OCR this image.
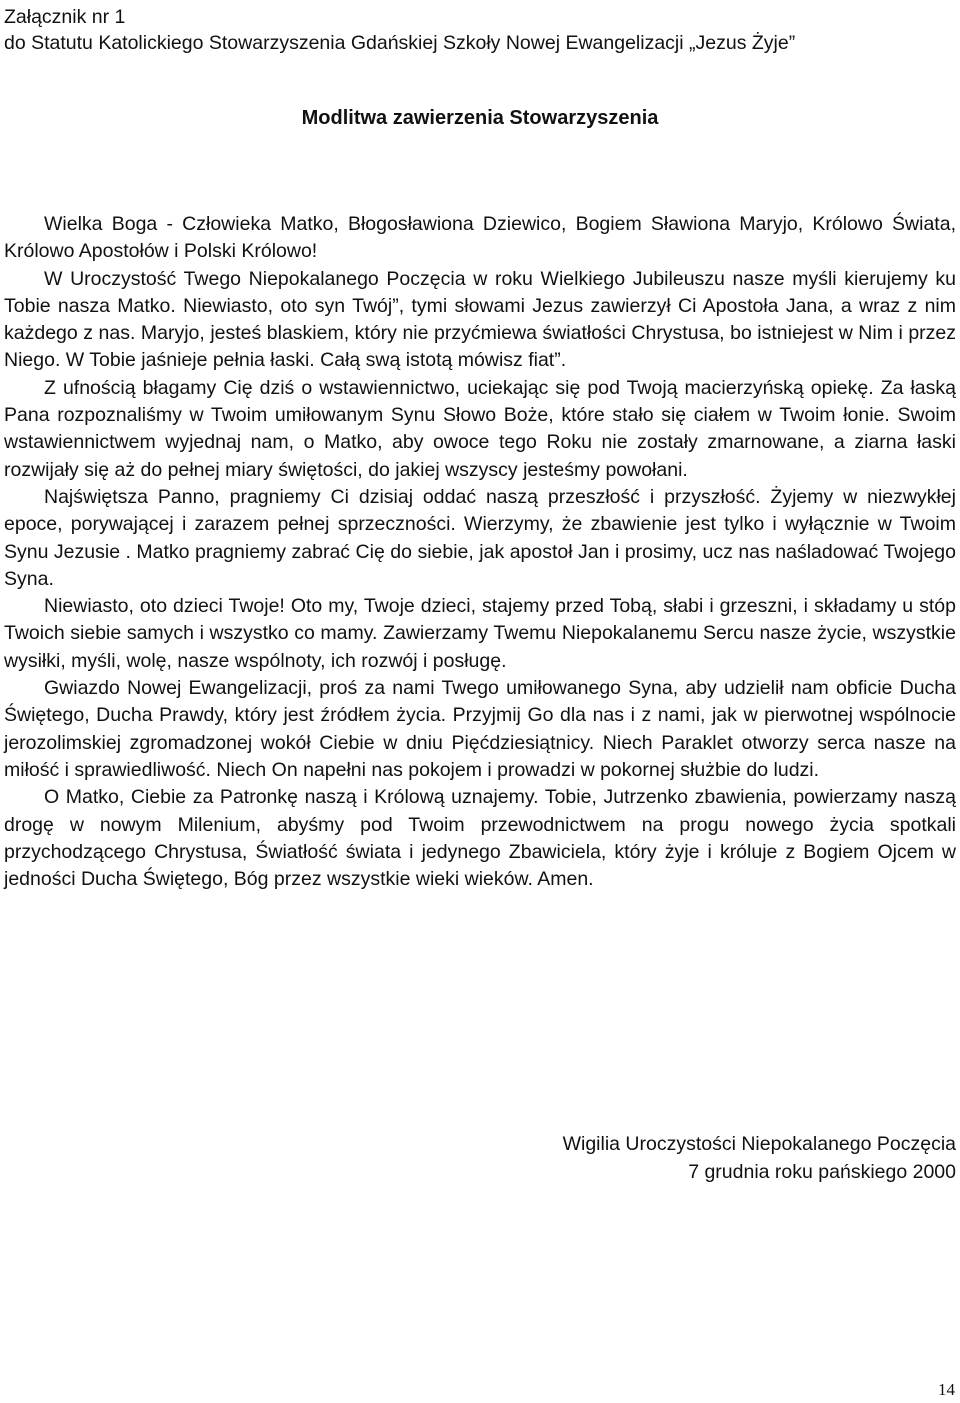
Załącznik nr 1
do Statutu Katolickiego Stowarzyszenia Gdańskiej Szkoły Nowej Ewangelizacji „Jezus Żyje”
Modlitwa zawierzenia Stowarzyszenia

Wielka Boga - Człowieka Matko, Błogosławiona Dziewico, Bogiem Sławiona Maryjo, Królowo Świata, Królowo Apostołów i Polski Królowo!

W Uroczystość Twego Niepokalanego Poczęcia w roku Wielkiego Jubileuszu nasze myśli kierujemy ku Tobie nasza Matko. Niewiasto, oto syn Twój”, tymi słowami Jezus zawierzył Ci Apostoła Jana, a wraz z nim każdego z nas. Maryjo, jesteś blaskiem, który nie przyćmiewa światłości Chrystusa, bo istniejest w Nim i przez Niego. W Tobie jaśnieje pełnia łaski. Całą swą istotą mówisz fiat”.

Z ufnością błagamy Cię dziś o wstawiennictwo, uciekając się pod Twoją macierzyńską opiekę. Za łaską Pana rozpoznaliśmy w Twoim umiłowanym Synu Słowo Boże, które stało się ciałem w Twoim łonie. Swoim wstawiennictwem wyjednaj nam, o Matko, aby owoce tego Roku nie zostały zmarnowane, a ziarna łaski rozwijały się aż do pełnej miary świętości, do jakiej wszyscy jesteśmy powołani.

Najświętsza Panno, pragniemy Ci dzisiaj oddać naszą przeszłość i przyszłość. Żyjemy w niezwykłej epoce, porywającej i zarazem pełnej sprzeczności. Wierzymy, że zbawienie jest tylko i wyłącznie w Twoim Synu Jezusie . Matko pragniemy zabrać Cię do siebie, jak apostoł Jan i prosimy, ucz nas naśladować Twojego Syna.

Niewiasto, oto dzieci Twoje! Oto my, Twoje dzieci, stajemy przed Tobą, słabi i grzeszni, i składamy u stóp Twoich siebie samych i wszystko co mamy. Zawierzamy Twemu Niepokalanemu Sercu nasze życie, wszystkie wysiłki, myśli, wolę, nasze wspólnoty, ich rozwój i posługę.

Gwiazdo Nowej Ewangelizacji, proś za nami Twego umiłowanego Syna, aby udzielił nam obficie Ducha Świętego, Ducha Prawdy, który jest źródłem życia. Przyjmij Go dla nas i z nami, jak w pierwotnej wspólnocie jerozolimskiej zgromadzonej wokół Ciebie w dniu Pięćdziesiątnicy. Niech Paraklet otworzy serca nasze na miłość i sprawiedliwość. Niech On napełni nas pokojem i prowadzi w pokornej służbie do ludzi.

O Matko, Ciebie za Patronkę naszą i Królową uznajemy. Tobie, Jutrzenko zbawienia, powierzamy naszą drogę w nowym Milenium, abyśmy pod Twoim przewodnictwem na progu nowego życia spotkali przychodzącego Chrystusa, Światłość świata i jedynego Zbawiciela, który żyje i króluje z Bogiem Ojcem w jedności Ducha Świętego, Bóg przez wszystkie wieki wieków. Amen.

Wigilia Uroczystości Niepokalanego Poczęcia
7 grudnia roku pańskiego 2000
14
